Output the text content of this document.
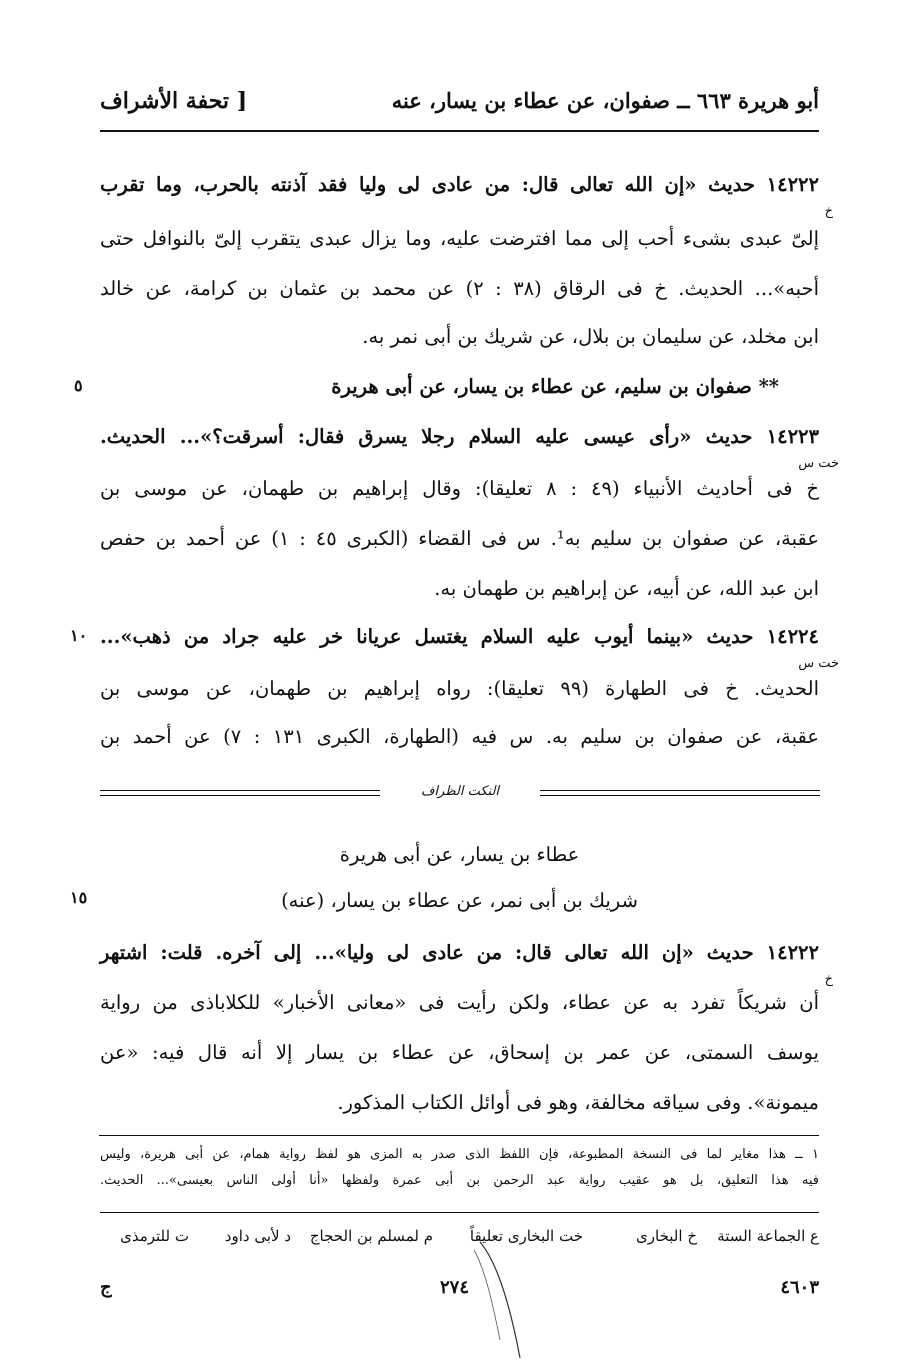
أبو هريرة ٦٦٣ ــ صفوان، عن عطاء بن يسار، عنه
[ تحفة الأشراف
١٤٢٢٢ حديث «إن الله تعالى قال: من عادى لى وليا فقد آذنته بالحرب، وما تقرب
إلىّ عبدى بشىء أحب إلى مما افترضت عليه، وما يزال عبدى يتقرب إلىّ بالنوافل حتى
أحبه»... الحديث. خ فى الرقاق (٣٨ : ٢) عن محمد بن عثمان بن كرامة، عن خالد
ابن مخلد، عن سليمان بن بلال، عن شريك بن أبى نمر به.
** صفوان بن سليم، عن عطاء بن يسار، عن أبى هريرة
١٤٢٢٣ حديث «رأى عيسى عليه السلام رجلا يسرق فقال: أسرقت؟»... الحديث.
خ فى أحاديث الأنبياء (٤٩ : ٨ تعليقا): وقال إبراهيم بن طهمان، عن موسى بن
عقبة، عن صفوان بن سليم به¹. س فى القضاء (الكبرى ٤٥ : ١) عن أحمد بن حفص
ابن عبد الله، عن أبيه، عن إبراهيم بن طهمان به.
١٤٢٢٤ حديث «بينما أيوب عليه السلام يغتسل عريانا خر عليه جراد من ذهب»...
الحديث. خ فى الطهارة (٩٩ تعليقا): رواه إبراهيم بن طهمان، عن موسى بن
عقبة، عن صفوان بن سليم به. س فيه (الطهارة، الكبرى ١٣١ : ٧) عن أحمد بن
خ
خت س
خت س
٥
١٠
١٥
النكت الظراف
عطاء بن يسار، عن أبى هريرة
شريك بن أبى نمر، عن عطاء بن يسار، (عنه)
١٤٢٢٢ حديث «إن الله تعالى قال: من عادى لى وليا»... إلى آخره. قلت: اشتهر
أن شريكاً تفرد به عن عطاء، ولكن رأيت فى «معانى الأخبار» للكلاباذى من رواية
يوسف السمتى، عن عمر بن إسحاق، عن عطاء بن يسار إلا أنه قال فيه: «عن
ميمونة». وفى سياقه مخالفة، وهو فى أوائل الكتاب المذكور.
خ
١ ــ هذا مغاير لما فى النسخة المطبوعة، فإن اللفظ الذى صدر به المزى هو لفظ رواية همام، عن أبى هريرة، وليس
فيه هذا التعليق، بل هو عقيب رواية عبد الرحمن بن أبى عمرة ولفظها «أنا أولى الناس بعيسى»... الحديث.
ع الجماعة الستة
خ البخارى
خت البخارى تعليقاً
م لمسلم بن الحجاج
د لأبى داود
ت للترمذى
ج	٢٧٤	٤٦٠٣
